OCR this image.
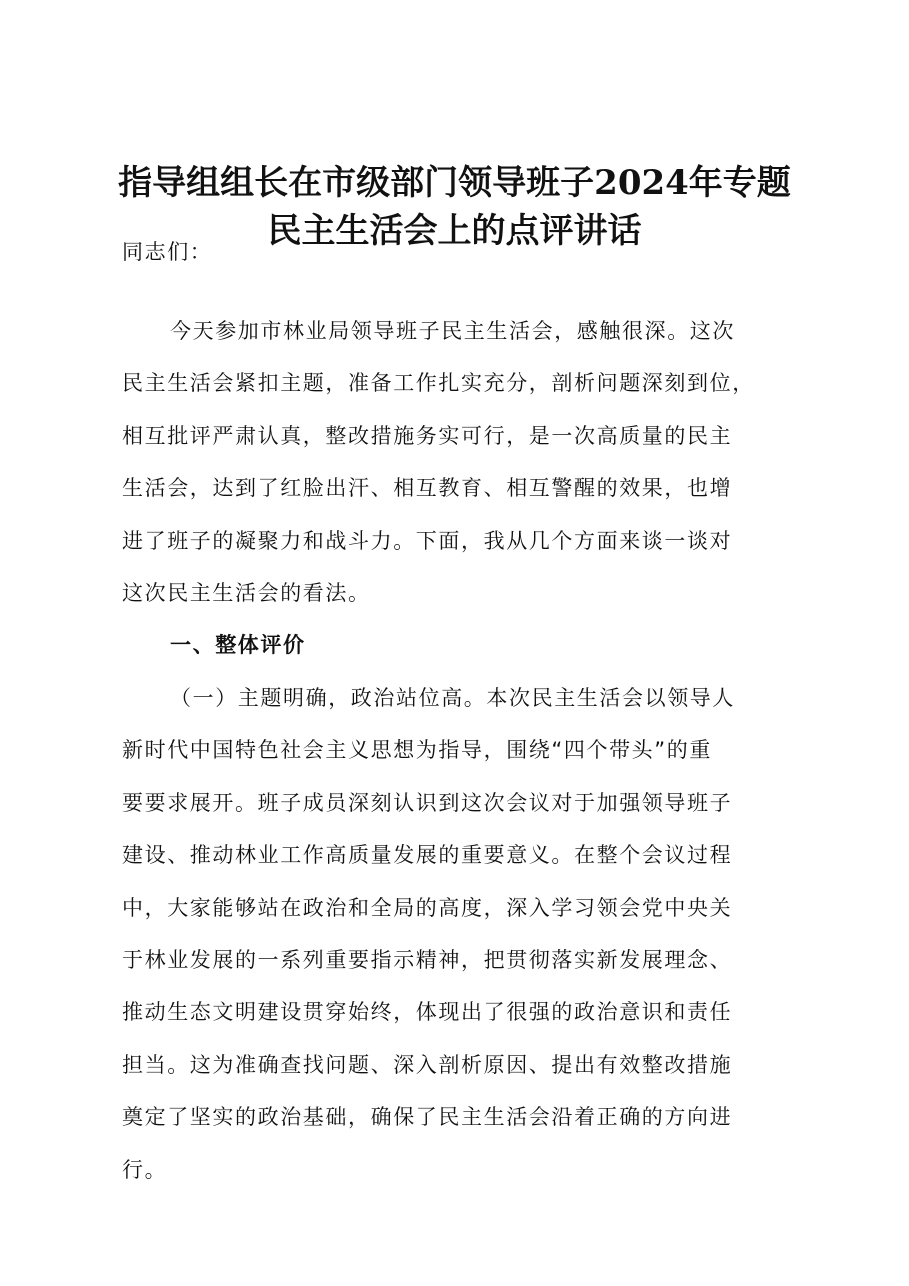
指导组组长在市级部门领导班子2024年专题
民主生活会上的点评讲话
同志们：
今天参加市林业局领导班子民主生活会，感触很深。这次
民主生活会紧扣主题，准备工作扎实充分，剖析问题深刻到位，
相互批评严肃认真，整改措施务实可行，是一次高质量的民主
生活会，达到了红脸出汗、相互教育、相互警醒的效果，也增
进了班子的凝聚力和战斗力。下面，我从几个方面来谈一谈对
这次民主生活会的看法。
一、整体评价
（一）主题明确，政治站位高。本次民主生活会以领导人
新时代中国特色社会主义思想为指导，围绕“四个带头”的重
要要求展开。班子成员深刻认识到这次会议对于加强领导班子
建设、推动林业工作高质量发展的重要意义。在整个会议过程
中，大家能够站在政治和全局的高度，深入学习领会党中央关
于林业发展的一系列重要指示精神，把贯彻落实新发展理念、
推动生态文明建设贯穿始终，体现出了很强的政治意识和责任
担当。这为准确查找问题、深入剖析原因、提出有效整改措施
奠定了坚实的政治基础，确保了民主生活会沿着正确的方向进
行。
